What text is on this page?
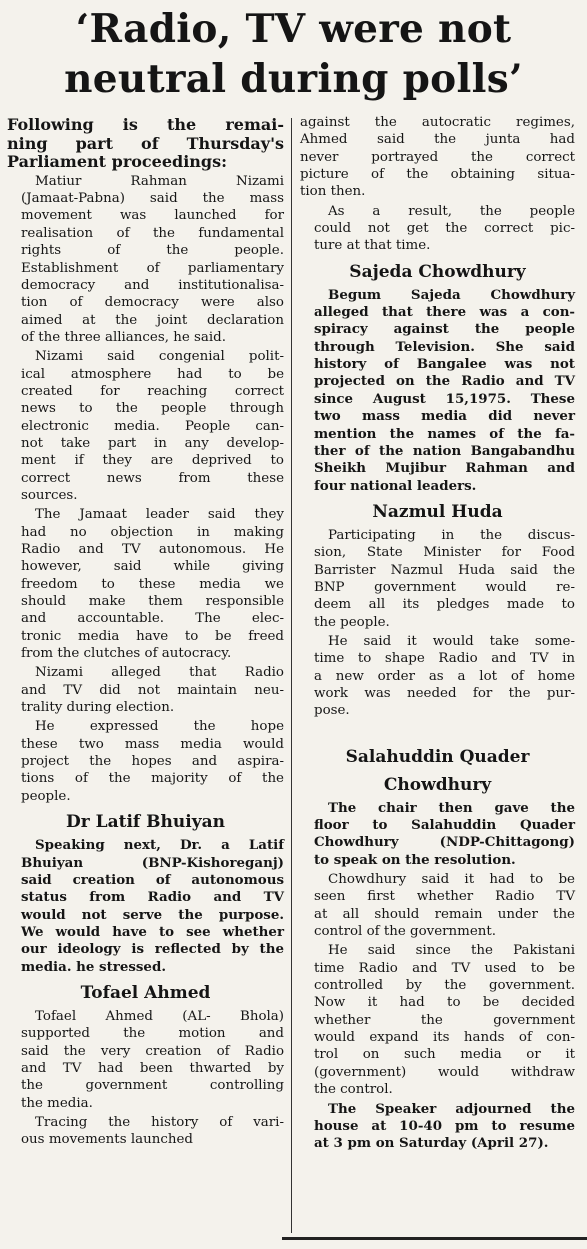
‘Radio, TV were not
neutral during polls’
Following is the remai-
ning part of Thursday's
Parliament proceedings:

Matiur Rahman Nizami
(Jamaat-Pabna) said the mass
movement was launched for
realisation of the fundamental
rights of the people.
Establishment of parliamentary
democracy and institutionalisa-
tion of democracy were also
aimed at the joint declaration
of the three alliances, he said.

Nizami said congenial polit-
ical atmosphere had to be
created for reaching correct
news to the people through
electronic media. People can-
not take part in any develop-
ment if they are deprived to
correct news from these
sources.

The Jamaat leader said they
had no objection in making
Radio and TV autonomous. He
however, said while giving
freedom to these media we
should make them responsible
and accountable. The elec-
tronic media have to be freed
from the clutches of autocracy.

Nizami alleged that Radio
and TV did not maintain neu-
trality during election.

He expressed the hope
these two mass media would
project the hopes and aspira-
tions of the majority of the
people.

Dr Latif Bhuiyan

Speaking next, Dr. a Latif
Bhuiyan (BNP-Kishoreganj)
said creation of autonomous
status from Radio and TV
would not serve the purpose.
We would have to see whether
our ideology is reflected by the
media. he stressed.

Tofael Ahmed

Tofael Ahmed (AL- Bhola)
supported the motion and
said the very creation of Radio
and TV had been thwarted by
the government controlling
the media.

Tracing the history of vari-
ous movements launched

against the autocratic regimes,
Ahmed said the junta had
never portrayed the correct
picture of the obtaining situa-
tion then.

As a result, the people
could not get the correct pic-
ture at that time.

Sajeda Chowdhury

Begum Sajeda Chowdhury
alleged that there was a con-
spiracy against the people
through Television. She said
history of Bangalee was not
projected on the Radio and TV
since August 15,1975. These
two mass media did never
mention the names of the fa-
ther of the nation Bangabandhu
Sheikh Mujibur Rahman and
four national leaders.

Nazmul Huda

Participating in the discus-
sion, State Minister for Food
Barrister Nazmul Huda said the
BNP government would re-
deem all its pledges made to
the people.

He said it would take some-
time to shape Radio and TV in
a new order as a lot of home
work was needed for the pur-
pose.

Salahuddin Quader
Chowdhury

The chair then gave the
floor to Salahuddin Quader
Chowdhury (NDP-Chittagong)
to speak on the resolution.

Chowdhury said it had to be
seen first whether Radio TV
at all should remain under the
control of the government.

He said since the Pakistani
time Radio and TV used to be
controlled by the government.
Now it had to be decided
whether the government
would expand its hands of con-
trol on such media or it
(government) would withdraw
the control.

The Speaker adjourned the
house at 10-40 pm to resume
at 3 pm on Saturday (April 27).
